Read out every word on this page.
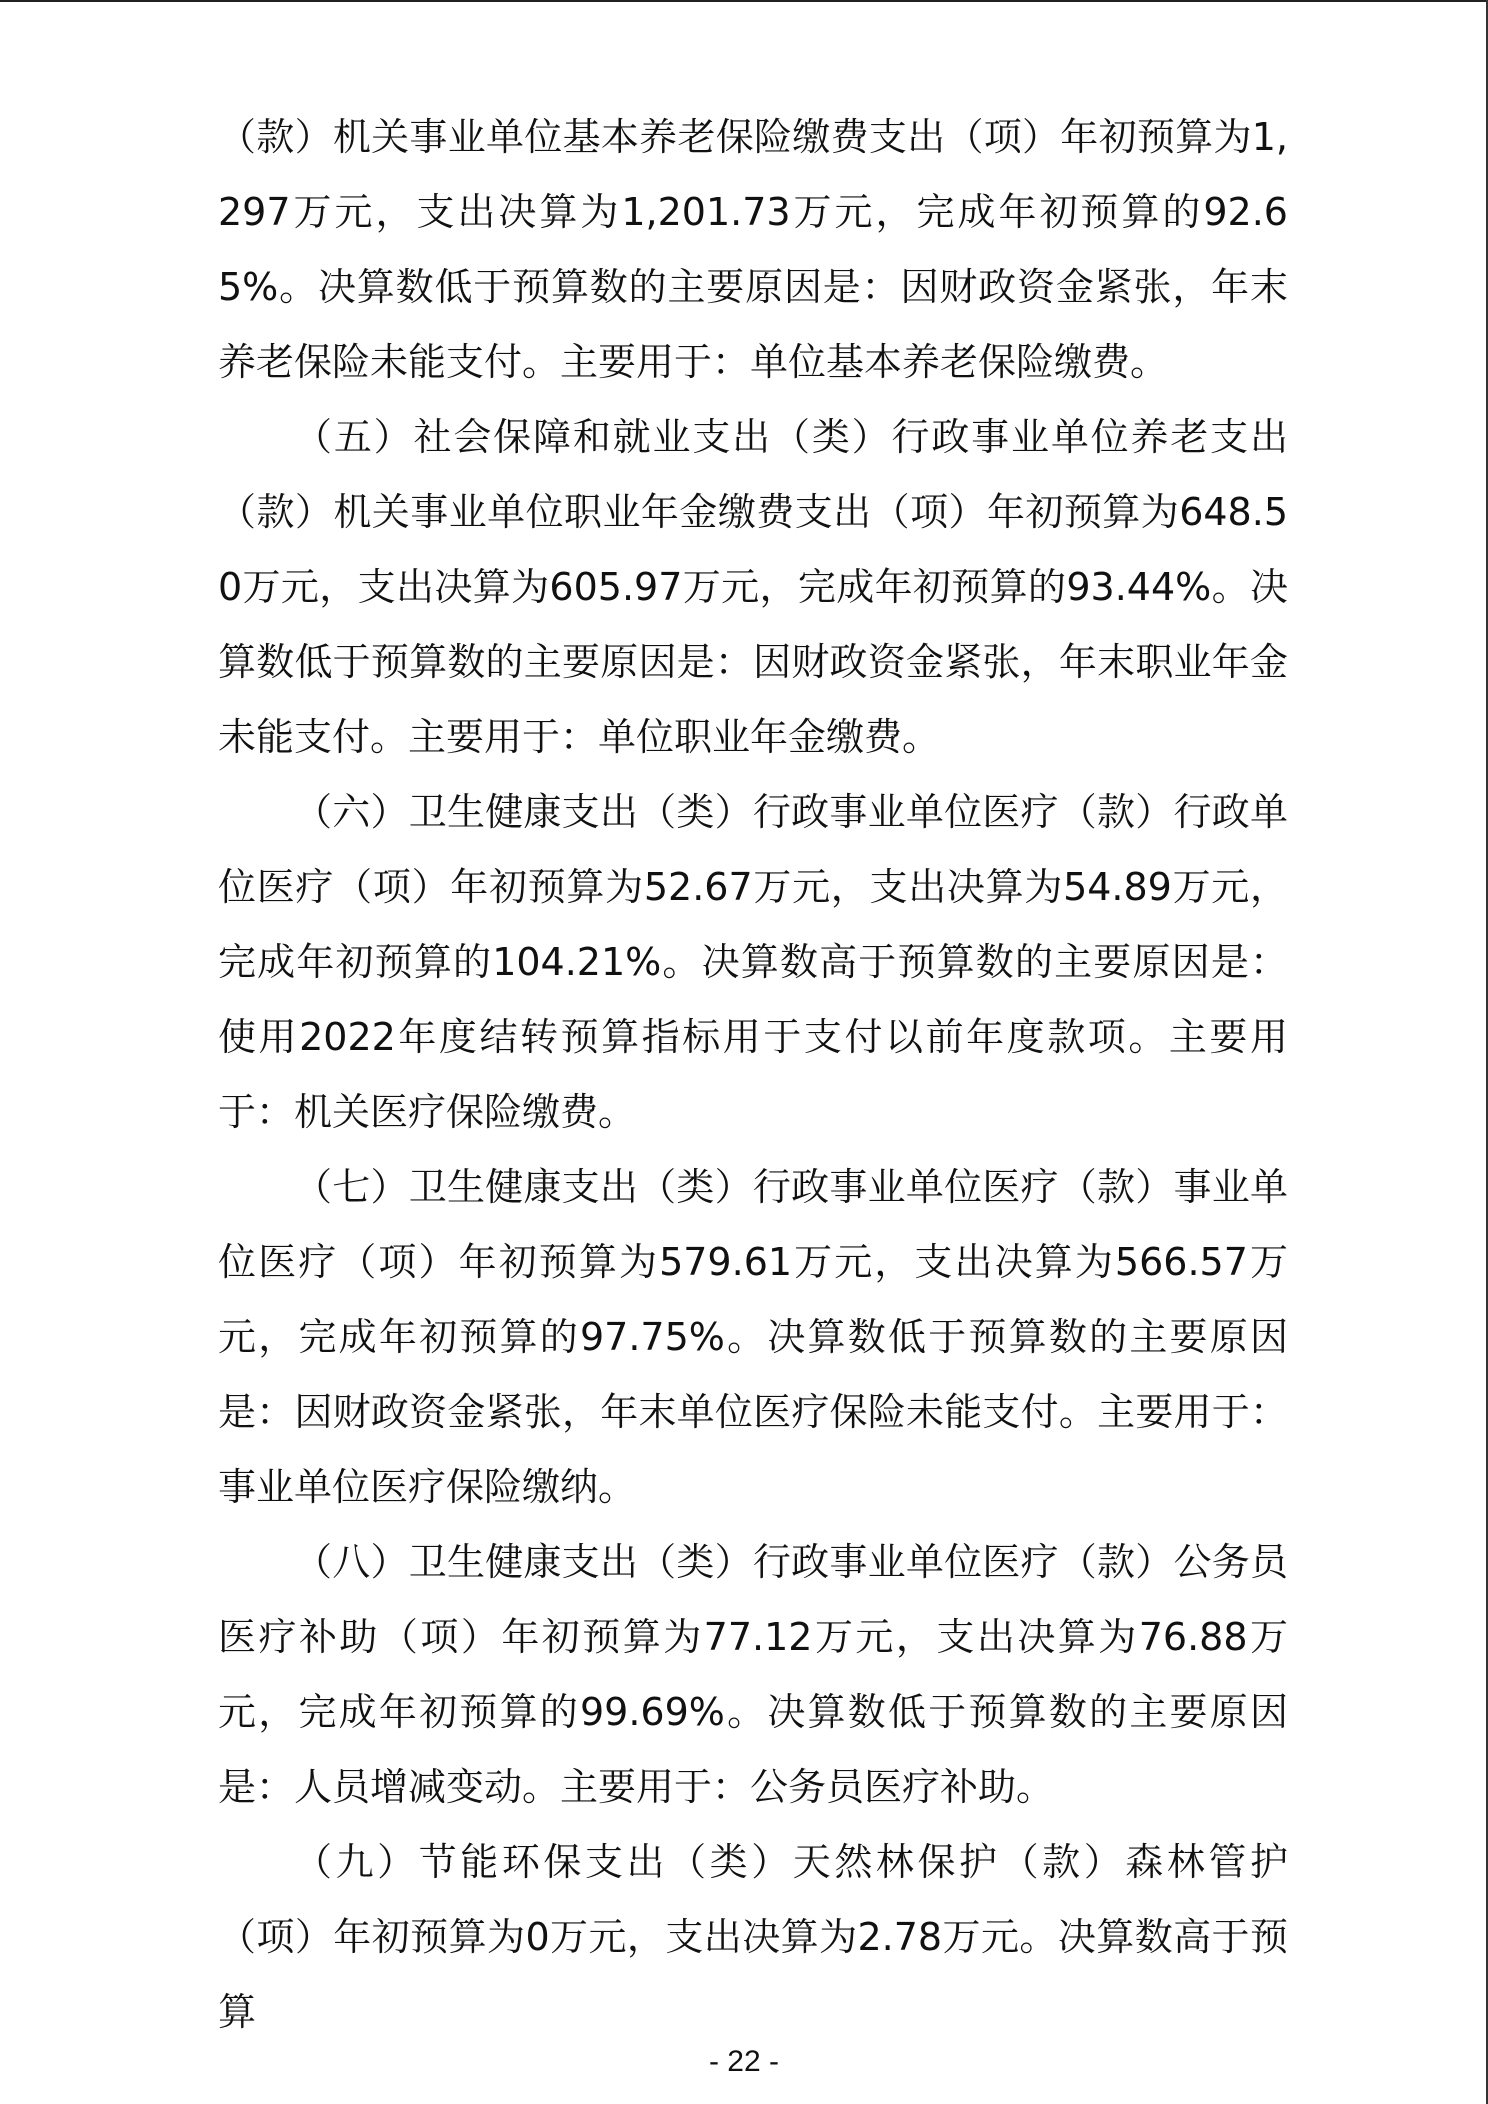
（款）机关事业单位基本养老保险缴费支出（项）年初预算为1,297万元，支出决算为1,201.73万元，完成年初预算的92.65%。决算数低于预算数的主要原因是：因财政资金紧张，年末养老保险未能支付。主要用于：单位基本养老保险缴费。

（五）社会保障和就业支出（类）行政事业单位养老支出（款）机关事业单位职业年金缴费支出（项）年初预算为648.50万元，支出决算为605.97万元，完成年初预算的93.44%。决算数低于预算数的主要原因是：因财政资金紧张，年末职业年金未能支付。主要用于：单位职业年金缴费。

（六）卫生健康支出（类）行政事业单位医疗（款）行政单位医疗（项）年初预算为52.67万元，支出决算为54.89万元，完成年初预算的104.21%。决算数高于预算数的主要原因是：使用2022年度结转预算指标用于支付以前年度款项。主要用于：机关医疗保险缴费。

（七）卫生健康支出（类）行政事业单位医疗（款）事业单位医疗（项）年初预算为579.61万元，支出决算为566.57万元，完成年初预算的97.75%。决算数低于预算数的主要原因是：因财政资金紧张，年末单位医疗保险未能支付。主要用于：事业单位医疗保险缴纳。

（八）卫生健康支出（类）行政事业单位医疗（款）公务员医疗补助（项）年初预算为77.12万元，支出决算为76.88万元，完成年初预算的99.69%。决算数低于预算数的主要原因是：人员增减变动。主要用于：公务员医疗补助。

（九）节能环保支出（类）天然林保护（款）森林管护（项）年初预算为0万元，支出决算为2.78万元。决算数高于预算

- 22 -
